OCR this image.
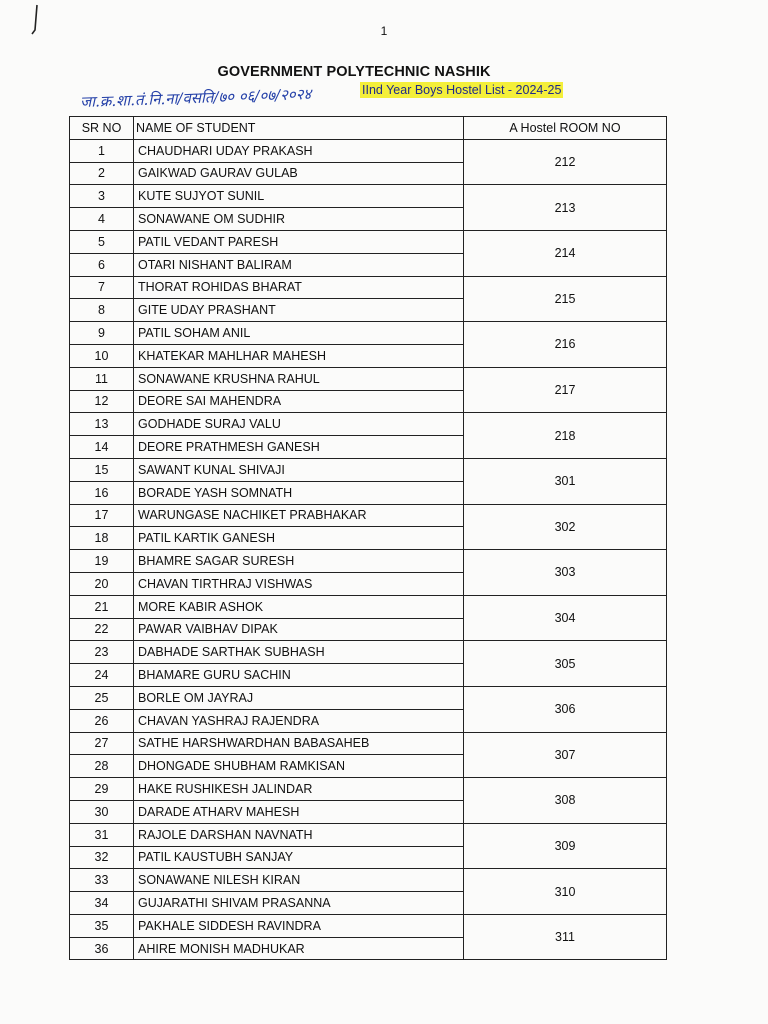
1
GOVERNMENT POLYTECHNIC NASHIK
IInd Year Boys Hostel List - 2024-25
जा.क्र.शा.तं.नि.ना/वसति/७० ०६/०७/२०२४
SR NO	NAME OF STUDENT	A Hostel ROOM NO
1	CHAUDHARI UDAY PRAKASH	212
2	GAIKWAD GAURAV GULAB	
3	KUTE SUJYOT SUNIL	213
4	SONAWANE OM SUDHIR	
5	PATIL VEDANT PARESH	214
6	OTARI NISHANT BALIRAM	
7	THORAT ROHIDAS BHARAT	215
8	GITE UDAY PRASHANT	
9	PATIL SOHAM ANIL	216
10	KHATEKAR MAHLHAR MAHESH	
11	SONAWANE KRUSHNA RAHUL	217
12	DEORE SAI MAHENDRA	
13	GODHADE SURAJ VALU	218
14	DEORE PRATHMESH GANESH	
15	SAWANT KUNAL SHIVAJI	301
16	BORADE YASH SOMNATH	
17	WARUNGASE NACHIKET PRABHAKAR	302
18	PATIL KARTIK GANESH	
19	BHAMRE SAGAR SURESH	303
20	CHAVAN TIRTHRAJ VISHWAS	
21	MORE KABIR ASHOK	304
22	PAWAR VAIBHAV DIPAK	
23	DABHADE SARTHAK SUBHASH	305
24	BHAMARE GURU SACHIN	
25	BORLE OM JAYRAJ	306
26	CHAVAN YASHRAJ RAJENDRA	
27	SATHE HARSHWARDHAN BABASAHEB	307
28	DHONGADE SHUBHAM RAMKISAN	
29	HAKE RUSHIKESH JALINDAR	308
30	DARADE ATHARV MAHESH	
31	RAJOLE DARSHAN NAVNATH	309
32	PATIL KAUSTUBH SANJAY	
33	SONAWANE NILESH KIRAN	310
34	GUJARATHI SHIVAM PRASANNA	
35	PAKHALE SIDDESH RAVINDRA	311
36	AHIRE MONISH MADHUKAR	
